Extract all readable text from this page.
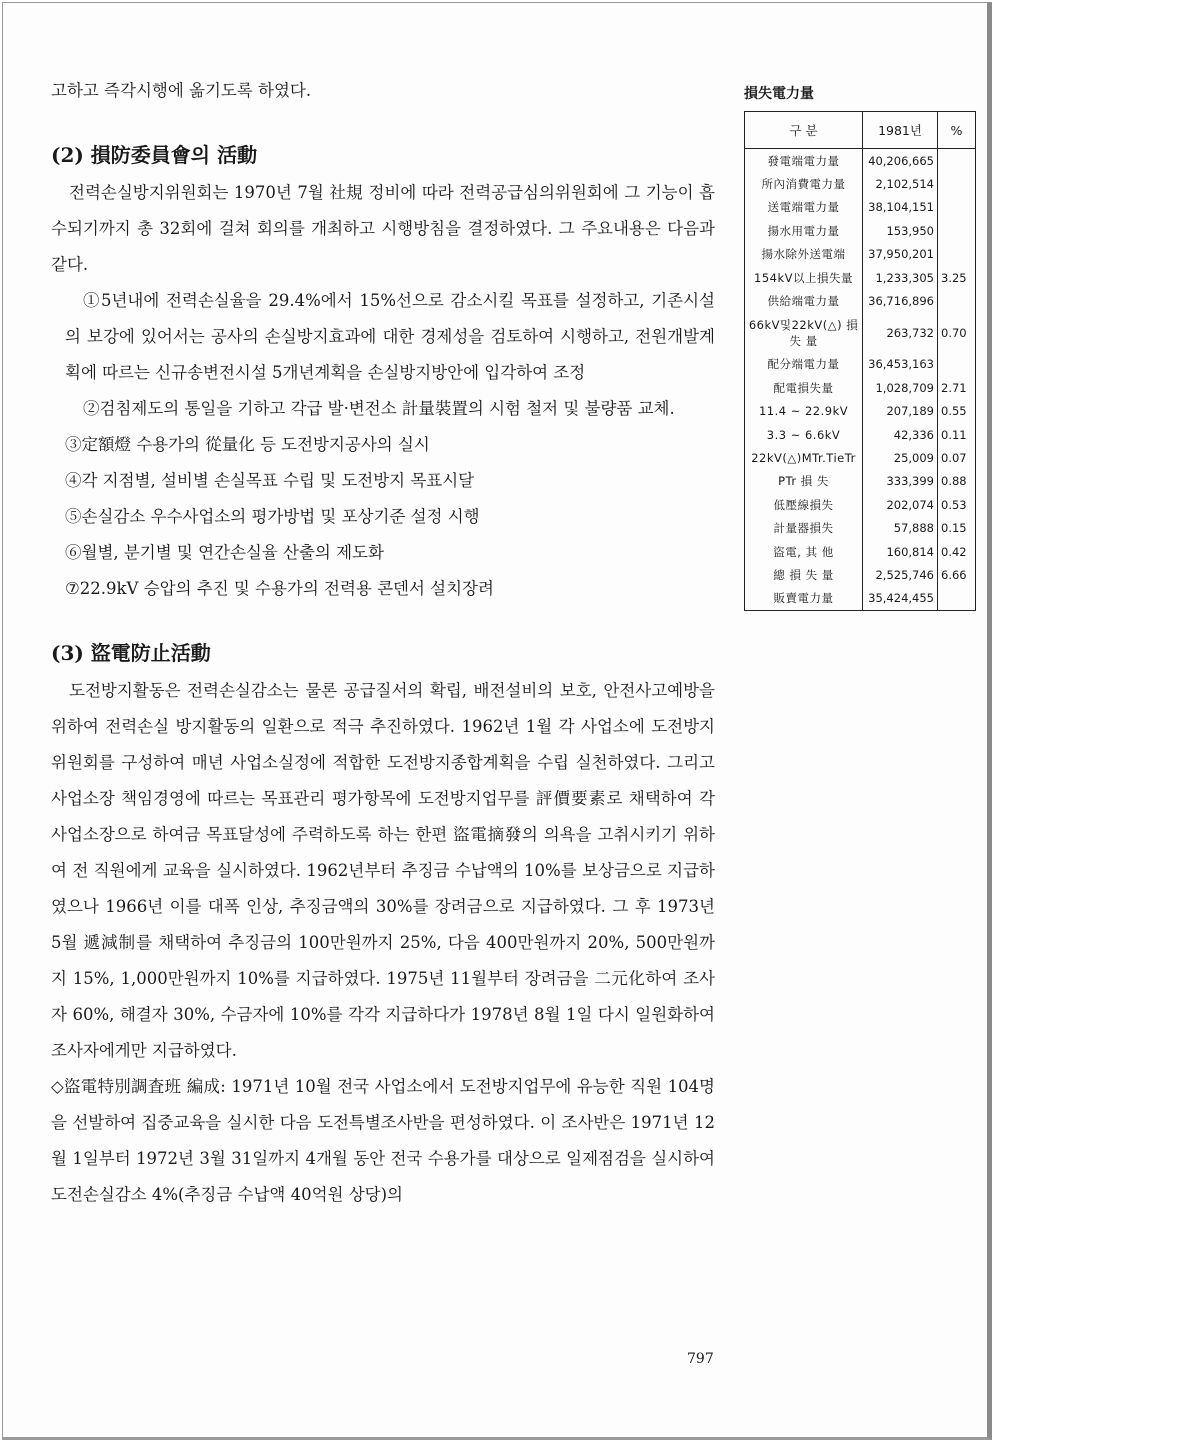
고하고 즉각시행에 옮기도록 하였다.

(2) 損防委員會의 活動

전력손실방지위원회는 1970년 7월 社規 정비에 따라 전력공급심의위원회에 그 기능이 흡수되기까지 총 32회에 걸쳐 회의를 개최하고 시행방침을 결정하였다. 그 주요내용은 다음과 같다.

①5년내에 전력손실율을 29.4%에서 15%선으로 감소시킬 목표를 설정하고, 기존시설의 보강에 있어서는 공사의 손실방지효과에 대한 경제성을 검토하여 시행하고, 전원개발계획에 따르는 신규송변전시설 5개년계획을 손실방지방안에 입각하여 조정

②검침제도의 통일을 기하고 각급 발·변전소 計量裝置의 시험 철저 및 불량품 교체.

③定額燈 수용가의 從量化 등 도전방지공사의 실시

④각 지점별, 설비별 손실목표 수립 및 도전방지 목표시달

⑤손실감소 우수사업소의 평가방법 및 포상기준 설정 시행

⑥월별, 분기별 및 연간손실율 산출의 제도화

⑦22.9kV 승압의 추진 및 수용가의 전력용 콘덴서 설치장려

(3) 盜電防止活動

도전방지활동은 전력손실감소는 물론 공급질서의 확립, 배전설비의 보호, 안전사고예방을 위하여 전력손실 방지활동의 일환으로 적극 추진하였다. 1962년 1월 각 사업소에 도전방지위원회를 구성하여 매년 사업소실정에 적합한 도전방지종합계획을 수립 실천하였다. 그리고 사업소장 책임경영에 따르는 목표관리 평가항목에 도전방지업무를 評價要素로 채택하여 각 사업소장으로 하여금 목표달성에 주력하도록 하는 한편 盜電摘發의 의욕을 고취시키기 위하여 전 직원에게 교육을 실시하였다. 1962년부터 추징금 수납액의 10%를 보상금으로 지급하였으나 1966년 이를 대폭 인상, 추징금액의 30%를 장려금으로 지급하였다. 그 후 1973년 5월 遞減制를 채택하여 추징금의 100만원까지 25%, 다음 400만원까지 20%, 500만원까지 15%, 1,000만원까지 10%를 지급하였다. 1975년 11월부터 장려금을 二元化하여 조사자 60%, 해결자 30%, 수금자에 10%를 각각 지급하다가 1978년 8월 1일 다시 일원화하여 조사자에게만 지급하였다.

◇盜電特別調査班 編成: 1971년 10월 전국 사업소에서 도전방지업무에 유능한 직원 104명을 선발하여 집중교육을 실시한 다음 도전특별조사반을 편성하였다. 이 조사반은 1971년 12월 1일부터 1972년 3월 31일까지 4개월 동안 전국 수용가를 대상으로 일제점검을 실시하여 도전손실감소 4%(추징금 수납액 40억원 상당)의

損失電力量
구 분	1981년	%
發電端電力量	40,206,665	
所內消費電力量	2,102,514	
送電端電力量	38,104,151	
揚水用電力量	153,950	
揚水除外送電端	37,950,201	
154kV以上損失量	1,233,305	3.25
供給端電力量	36,716,896	
66kV및22kV(△) 損 失 量	263,732	0.70
配分端電力量	36,453,163	
配電損失量	1,028,709	2.71
11.4 ~ 22.9kV	207,189	0.55
3.3 ~ 6.6kV	42,336	0.11
22kV(△)MTr.TieTr	25,009	0.07
PTr 損 失	333,399	0.88
低壓線損失	202,074	0.53
計量器損失	57,888	0.15
盜電, 其 他	160,814	0.42
總 損 失 量	2,525,746	6.66
販賣電力量	35,424,455	
797
